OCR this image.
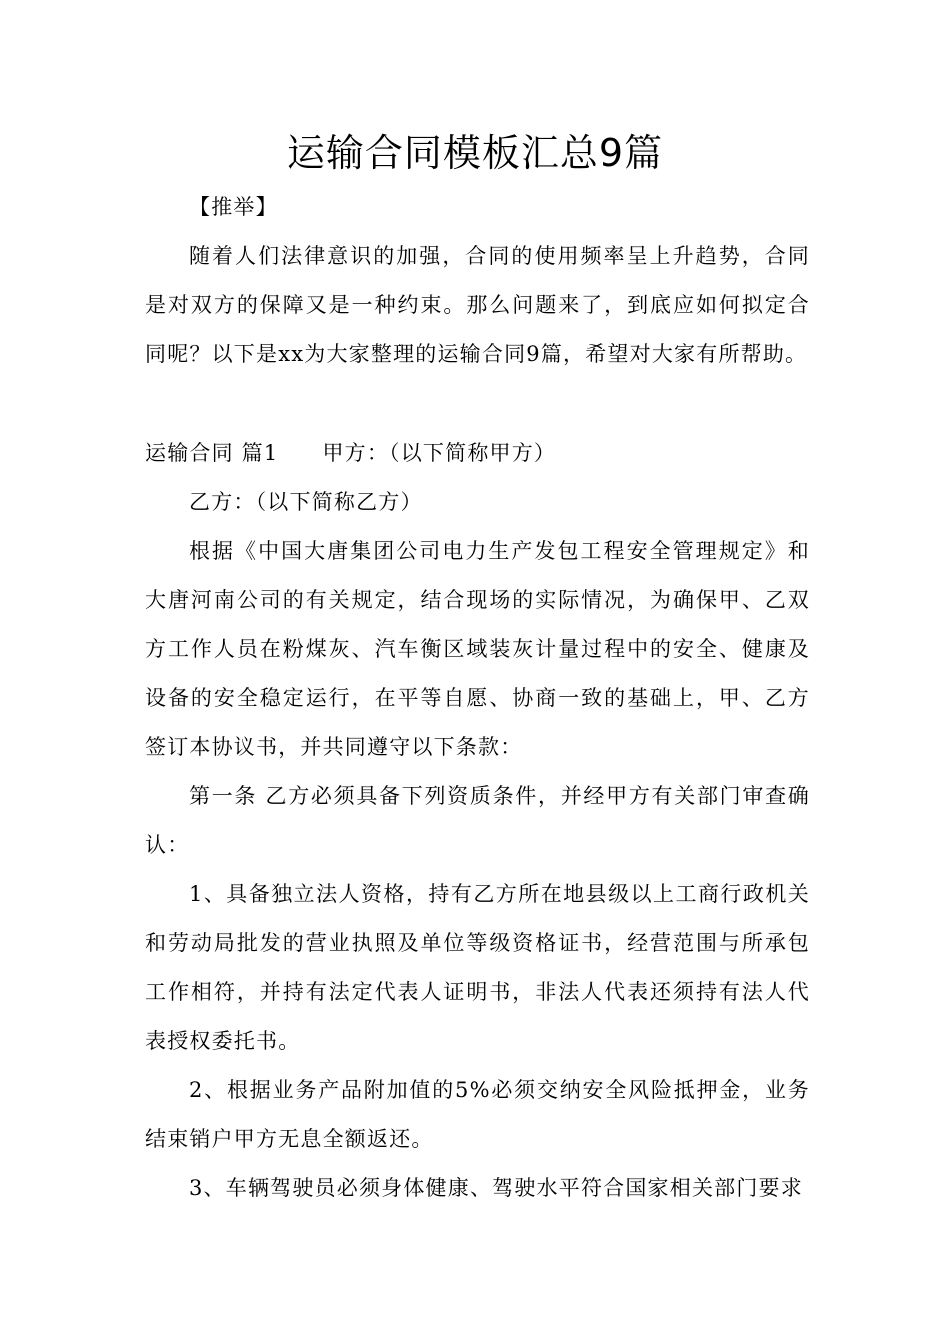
运输合同模板汇总9篇

【推举】

随着人们法律意识的加强，合同的使用频率呈上升趋势，合同是对双方的保障又是一种约束。那么问题来了，到底应如何拟定合同呢？以下是xx为大家整理的运输合同9篇，希望对大家有所帮助。

运输合同 篇1 甲方：（以下简称甲方）

乙方：（以下简称乙方）

根据《中国大唐集团公司电力生产发包工程安全管理规定》和大唐河南公司的有关规定，结合现场的实际情况，为确保甲、乙双方工作人员在粉煤灰、汽车衡区域装灰计量过程中的安全、健康及设备的安全稳定运行，在平等自愿、协商一致的基础上，甲、乙方签订本协议书，并共同遵守以下条款：

第一条 乙方必须具备下列资质条件，并经甲方有关部门审查确认：

1、具备独立法人资格，持有乙方所在地县级以上工商行政机关和劳动局批发的营业执照及单位等级资格证书，经营范围与所承包工作相符，并持有法定代表人证明书，非法人代表还须持有法人代表授权委托书。

2、根据业务产品附加值的5%必须交纳安全风险抵押金，业务结束销户甲方无息全额返还。

3、车辆驾驶员必须身体健康、驾驶水平符合国家相关部门要求
